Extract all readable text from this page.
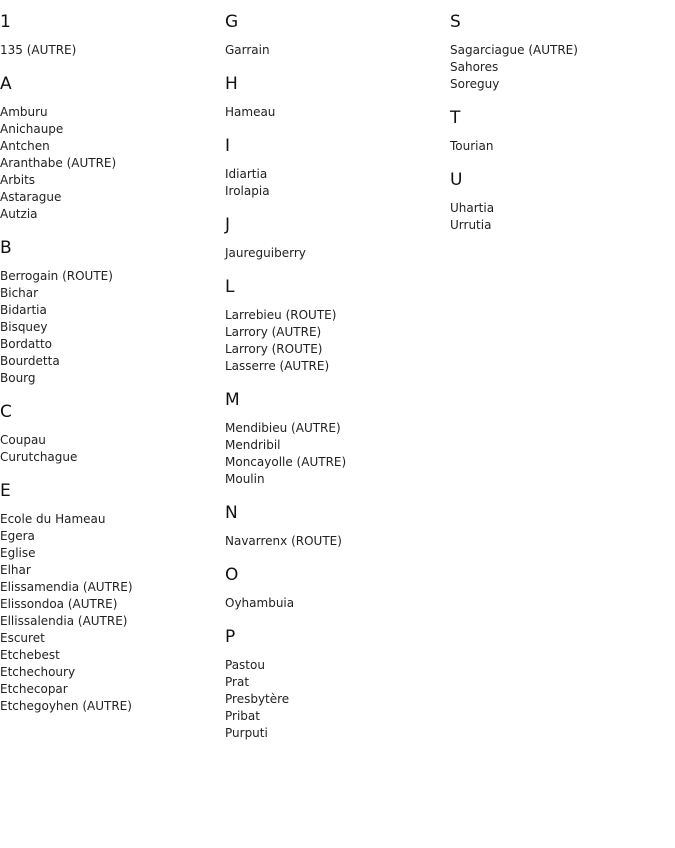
1
135 (AUTRE)
A
Amburu
Anichaupe
Antchen
Aranthabe (AUTRE)
Arbits
Astarague
Autzia
B
Berrogain (ROUTE)
Bichar
Bidartia
Bisquey
Bordatto
Bourdetta
Bourg
C
Coupau
Curutchague
E
Ecole du Hameau
Egera
Eglise
Elhar
Elissamendia (AUTRE)
Elissondoa (AUTRE)
Ellissalendia (AUTRE)
Escuret
Etchebest
Etchechoury
Etchecopar
Etchegoyhen (AUTRE)
G
Garrain
H
Hameau
I
Idiartia
Irolapia
J
Jaureguiberry
L
Larrebieu (ROUTE)
Larrory (AUTRE)
Larrory (ROUTE)
Lasserre (AUTRE)
M
Mendibieu (AUTRE)
Mendribil
Moncayolle (AUTRE)
Moulin
N
Navarrenx (ROUTE)
O
Oyhambuia
P
Pastou
Prat
Presbytère
Pribat
Purputi
S
Sagarciague (AUTRE)
Sahores
Soreguy
T
Tourian
U
Uhartia
Urrutia
